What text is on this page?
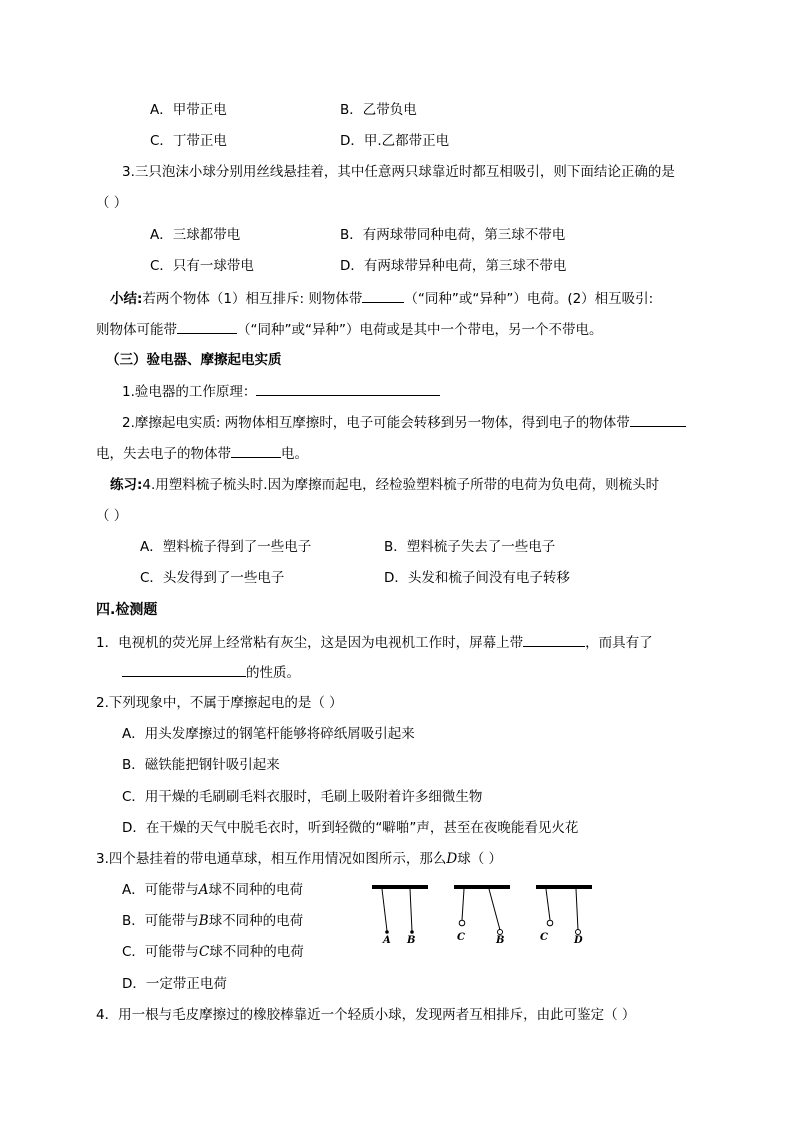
A．甲带正电	B．乙带负电
C．丁带正电	D．甲.乙都带正电
3.三只泡沫小球分别用丝线悬挂着，其中任意两只球靠近时都互相吸引，则下面结论正确的是
（ ）
A．三球都带电	B．有两球带同种电荷，第三球不带电
C．只有一球带电	D．有两球带异种电荷，第三球不带电
小结:若两个物体（1）相互排斥: 则物体带	（“同种”或“异种”）电荷。(2）相互吸引:
则物体可能带	（“同种”或“异种”）电荷或是其中一个带电，另一个不带电。
（三）验电器、摩擦起电实质
1.验电器的工作原理：
2.摩擦起电实质: 两物体相互摩擦时，电子可能会转移到另一物体，得到电子的物体带
电，失去电子的物体带	电。
练习:4.用塑料梳子梳头时.因为摩擦而起电，经检验塑料梳子所带的电荷为负电荷，则梳头时
（ ）
A．塑料梳子得到了一些电子	B．塑料梳子失去了一些电子
C．头发得到了一些电子	D．头发和梳子间没有电子转移
四.检测题
1．电视机的荧光屏上经常粘有灰尘，这是因为电视机工作时，屏幕上带	，而具有了
的性质。
2.下列现象中，不属于摩擦起电的是（ ）
A．用头发摩擦过的钢笔杆能够将碎纸屑吸引起来
B．磁铁能把钢针吸引起来
C．用干燥的毛刷刷毛料衣服时，毛刷上吸附着许多细微生物
D．在干燥的天气中脱毛衣时，听到轻微的“噼啪”声，甚至在夜晚能看见火花
3.四个悬挂着的带电通草球，相互作用情况如图所示，那么D球（ ）
A．可能带与A球不同种的电荷
B．可能带与B球不同种的电荷
C．可能带与C球不同种的电荷
D．一定带正电荷
A B	C	B	C	D
4．用一根与毛皮摩擦过的橡胶棒靠近一个轻质小球，发现两者互相排斥，由此可鉴定（ ）
